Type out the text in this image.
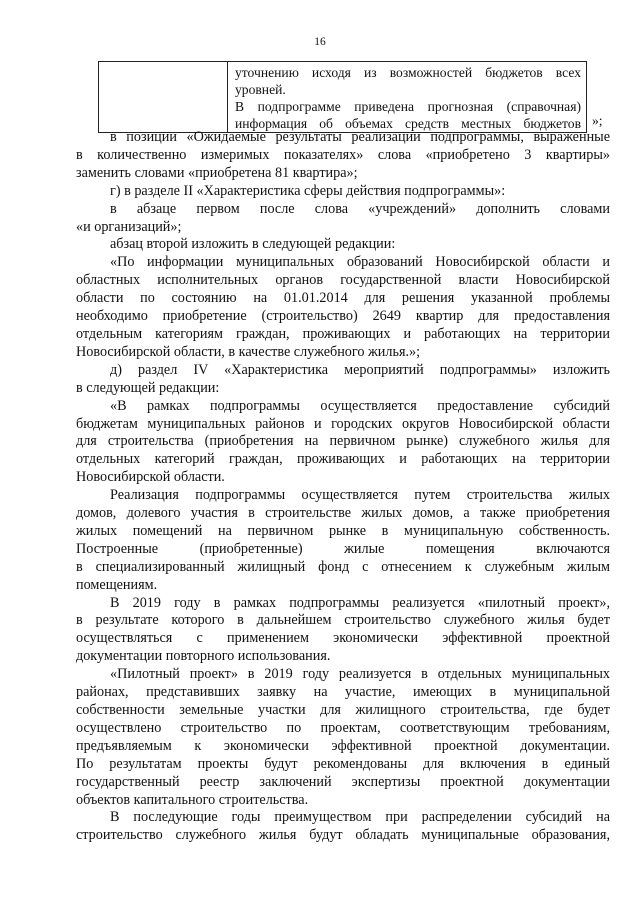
16

уточнению исходя из возможностей бюджетов всех
уровней.
В подпрограмме приведена прогнозная (справочная)
информация об объемах средств местных бюджетов »;

в позиции «Ожидаемые результаты реализации подпрограммы, выраженные
в количественно измеримых показателях» слова «приобретено 3 квартиры»
заменить словами «приобретена 81 квартира»;

г) в разделе II «Характеристика сферы действия подпрограммы»:

в абзаце первом после слова «учреждений» дополнить словами
«и организаций»;

абзац второй изложить в следующей редакции:

«По информации муниципальных образований Новосибирской области и
областных исполнительных органов государственной власти Новосибирской
области по состоянию на 01.01.2014 для решения указанной проблемы
необходимо приобретение (строительство) 2649 квартир для предоставления
отдельным категориям граждан, проживающих и работающих на территории
Новосибирской области, в качестве служебного жилья.»;

д) раздел IV «Характеристика мероприятий подпрограммы» изложить
в следующей редакции:

«В рамках подпрограммы осуществляется предоставление субсидий
бюджетам муниципальных районов и городских округов Новосибирской области
для строительства (приобретения на первичном рынке) служебного жилья для
отдельных категорий граждан, проживающих и работающих на территории
Новосибирской области.

Реализация подпрограммы осуществляется путем строительства жилых
домов, долевого участия в строительстве жилых домов, а также приобретения
жилых помещений на первичном рынке в муниципальную собственность.
Построенные (приобретенные) жилые помещения включаются
в специализированный жилищный фонд с отнесением к служебным жилым
помещениям.

В 2019 году в рамках подпрограммы реализуется «пилотный проект»,
в результате которого в дальнейшем строительство служебного жилья будет
осуществляться с применением экономически эффективной проектной
документации повторного использования.

«Пилотный проект» в 2019 году реализуется в отдельных муниципальных
районах, представивших заявку на участие, имеющих в муниципальной
собственности земельные участки для жилищного строительства, где будет
осуществлено строительство по проектам, соответствующим требованиям,
предъявляемым к экономически эффективной проектной документации.
По результатам проекты будут рекомендованы для включения в единый
государственный реестр заключений экспертизы проектной документации
объектов капитального строительства.

В последующие годы преимуществом при распределении субсидий на
строительство служебного жилья будут обладать муниципальные образования,
